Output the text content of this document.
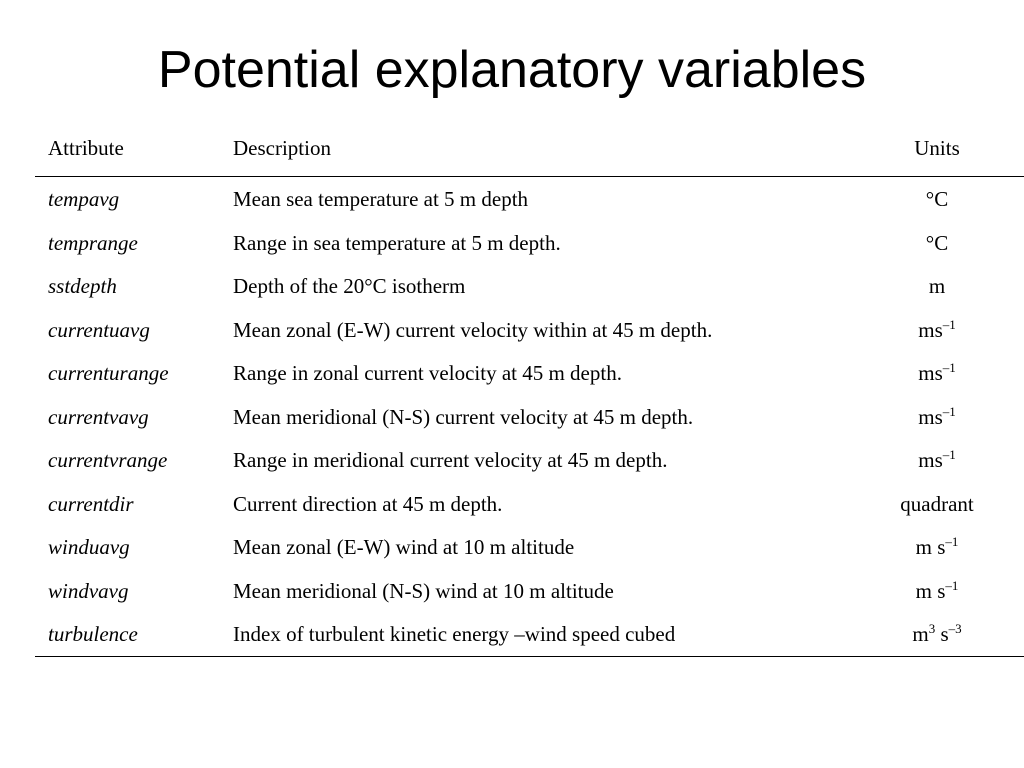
Potential explanatory variables
Attribute	Description	Units
tempavg	Mean sea temperature at 5 m depth	°C
temprange	Range in sea temperature at 5 m depth.	°C
sstdepth	Depth of the 20°C isotherm	m
currentuavg	Mean zonal (E-W) current velocity within at 45 m depth.	$ms^{-1}$
currenturange	Range in zonal current velocity at 45 m depth.	$ms^{-1}$
currentvavg	Mean meridional (N-S) current velocity at 45 m depth.	$ms^{-1}$
currentvrange	Range in meridional current velocity at 45 m depth.	$ms^{-1}$
currentdir	Current direction at 45 m depth.	quadrant
winduavg	Mean zonal (E-W) wind at 10 m altitude	m $s^{-1}$
windvavg	Mean meridional (N-S) wind at 10 m altitude	m $s^{-1}$
turbulence	Index of turbulent kinetic energy –wind speed cubed	$m^3$ $s^{-3}$
